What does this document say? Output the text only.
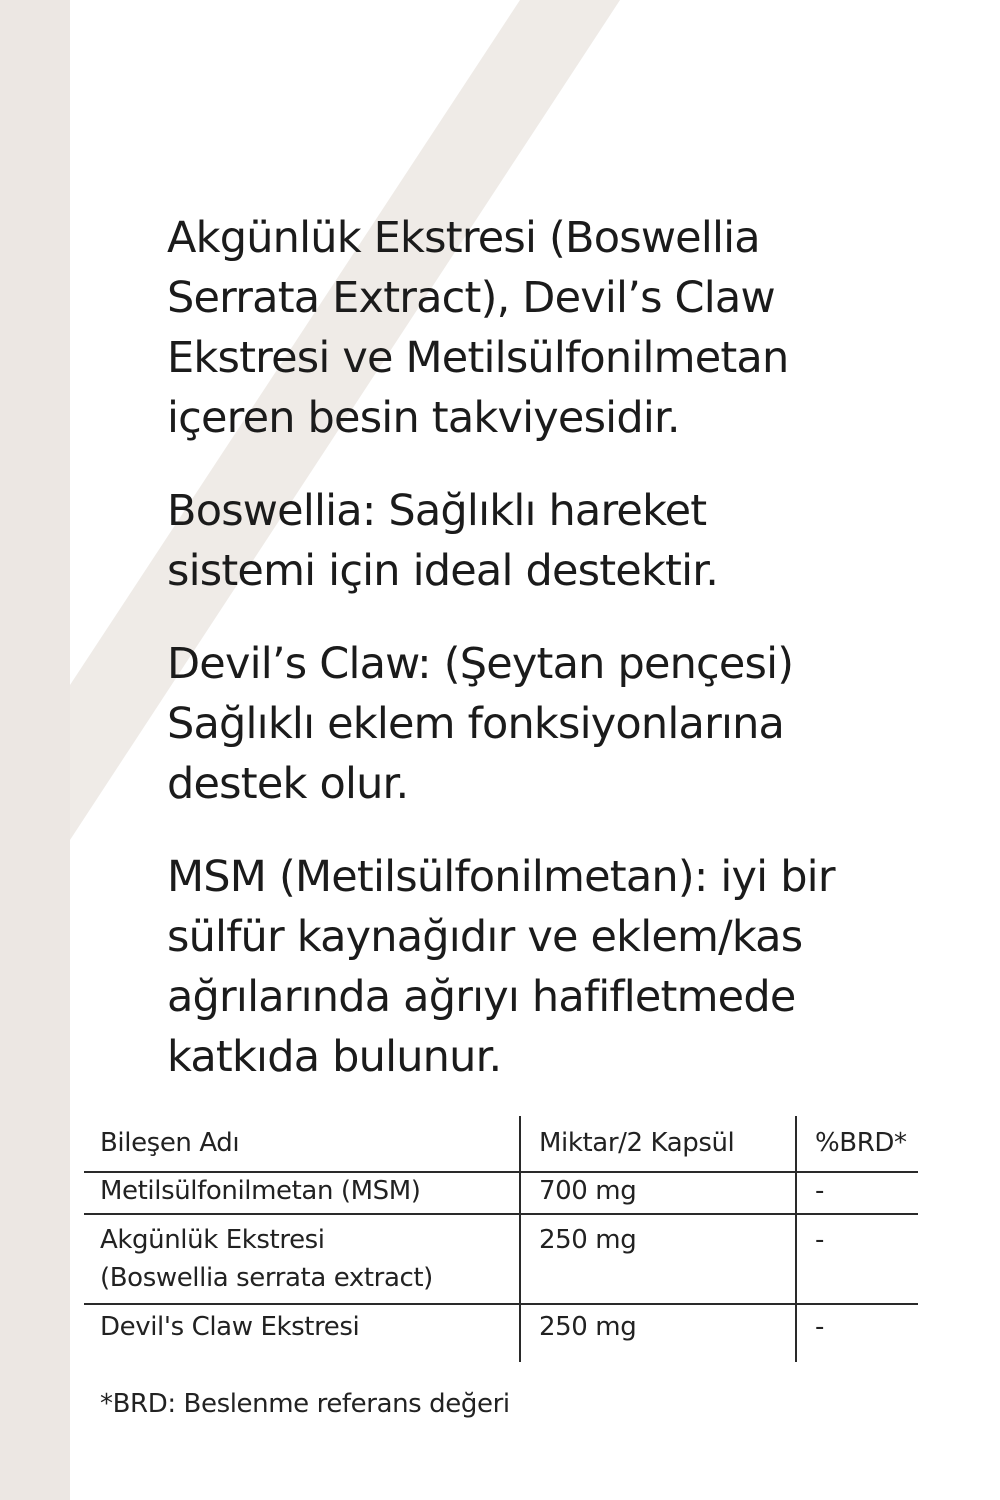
Akgünlük Ekstresi (Boswellia Serrata Extract), Devil’s Claw Ekstresi ve Metilsülfonilmetan içeren besin takviyesidir.

Boswellia: Sağlıklı hareket sistemi için ideal destektir.

Devil’s Claw: (Şeytan pençesi) Sağlıklı eklem fonksiyonlarına destek olur.

MSM (Metilsülfonilmetan): iyi bir sülfür kaynağıdır ve eklem/kas ağrılarında ağrıyı hafifletmede katkıda bulunur.

Bileşen Adı	Miktar/2 Kapsül	%BRD*
Metilsülfonilmetan (MSM)	700 mg	-

Akgünlük Ekstresi
(Boswellia serrata extract)	250 mg	-
Devil's Claw Ekstresi	250 mg	-
*BRD: Beslenme referans değeri
